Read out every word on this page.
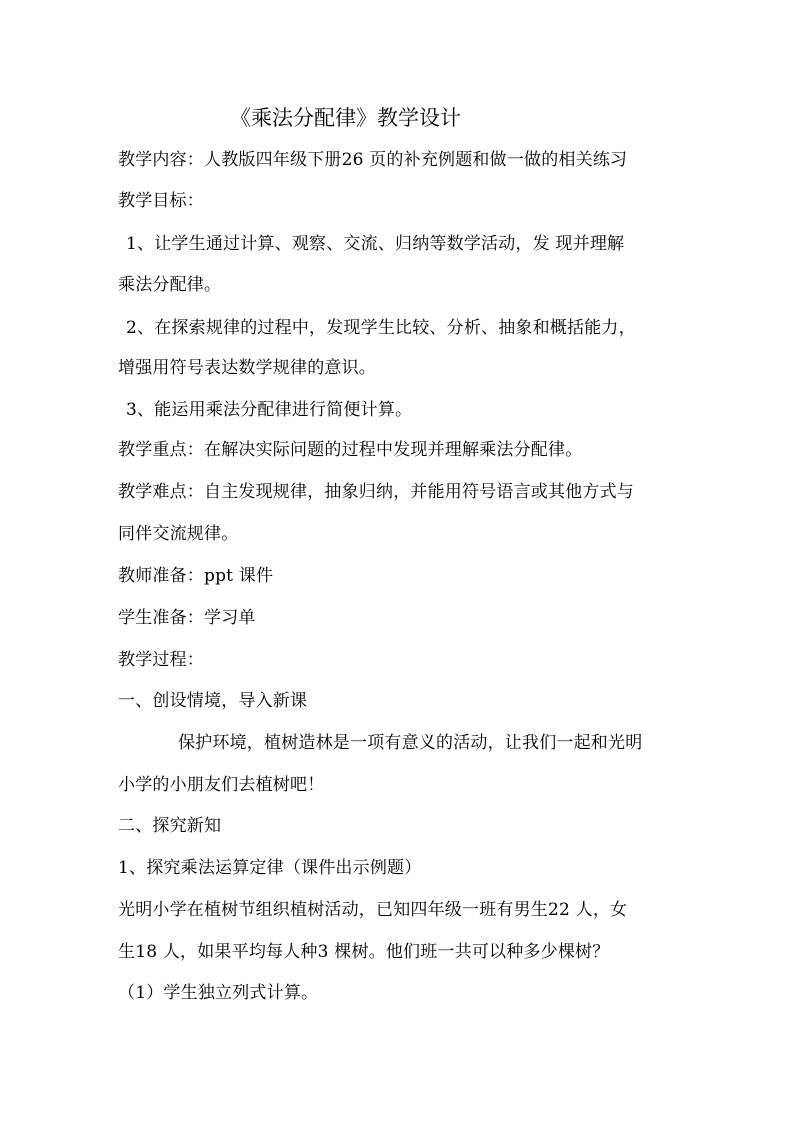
《乘法分配律》教学设计
教学内容：人教版四年级下册26 页的补充例题和做一做的相关练习
教学目标：
1、让学生通过计算、观察、交流、归纳等数学活动，发 现并理解
乘法分配律。
2、在探索规律的过程中，发现学生比较、分析、抽象和概括能力，
增强用符号表达数学规律的意识。
3、能运用乘法分配律进行简便计算。
教学重点：在解决实际问题的过程中发现并理解乘法分配律。
教学难点：自主发现规律，抽象归纳，并能用符号语言或其他方式与
同伴交流规律。
教师准备：ppt 课件
学生准备：学习单
教学过程：
一、创设情境，导入新课
保护环境，植树造林是一项有意义的活动，让我们一起和光明
小学的小朋友们去植树吧！
二、探究新知
1、探究乘法运算定律（课件出示例题）
光明小学在植树节组织植树活动，已知四年级一班有男生22 人，女
生18 人，如果平均每人种3 棵树。他们班一共可以种多少棵树？
（1）学生独立列式计算。
